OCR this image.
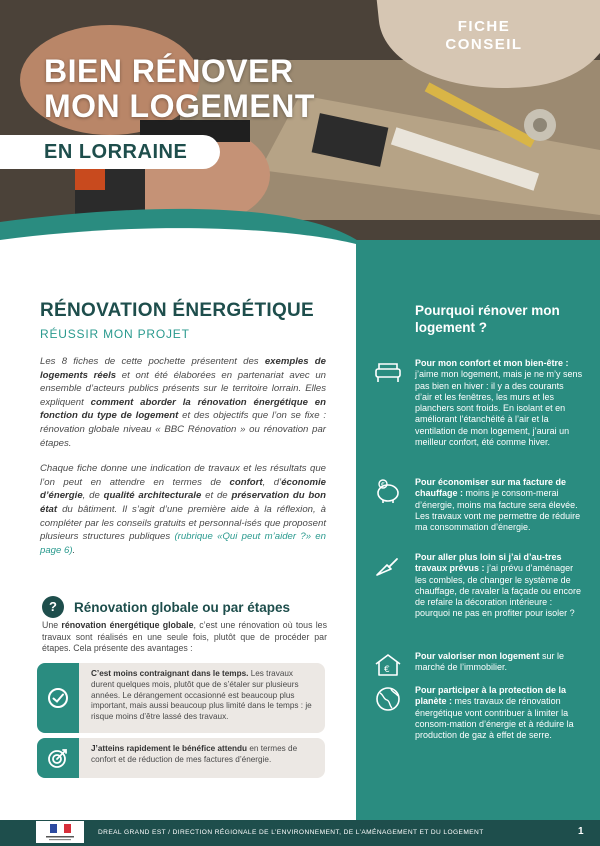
FICHE
CONSEIL
BIEN RÉNOVER
MON LOGEMENT
EN LORRAINE
RÉNOVATION ÉNERGÉTIQUE
RÉUSSIR MON PROJET

Les 8 fiches de cette pochette présentent des exemples de logements réels et ont été élaborées en partenariat avec un ensemble d’acteurs publics présents sur le territoire lorrain. Elles expliquent comment aborder la rénovation énergétique en fonction du type de logement et des objectifs que l’on se fixe : rénovation globale niveau « BBC Rénovation » ou rénovation par étapes.

Chaque fiche donne une indication de travaux et les résultats que l’on peut en attendre en termes de confort, d’économie d’énergie, de qualité architecturale et de préservation du bon état du bâtiment. Il s’agit d’une première aide à la réflexion, à compléter par les conseils gratuits et personnal-isés que proposent plusieurs structures publiques (rubrique «Qui peut m’aider ?» en page 6).

?	Rénovation globale ou par étapes

Une rénovation énergétique globale, c’est une rénovation où tous les travaux sont réalisés en une seule fois, plutôt que de procéder par étapes. Cela présente des avantages :

C’est moins contraignant dans le temps. Les travaux durent quelques mois, plutôt que de s’étaler sur plusieurs années. Le dérangement occasionné est beaucoup plus important, mais aussi beaucoup plus limité dans le temps : je risque moins d’être lassé des travaux.
J’atteins rapidement le bénéfice attendu en termes de confort et de réduction de mes factures d’énergie.
Pourquoi rénover mon logement ?
Pour mon confort et mon bien-être : j’aime mon logement, mais je ne m’y sens pas bien en hiver : il y a des courants d’air et les fenêtres, les murs et les planchers sont froids. En isolant et en améliorant l’étanchéité à l’air et la ventilation de mon logement, j’aurai un meilleur confort, été comme hiver.
€	Pour économiser sur ma facture de chauffage : moins je consom-merai d’énergie, moins ma facture sera élevée. Les travaux vont me permettre de réduire ma consommation d’énergie.
Pour aller plus loin si j’ai d’au-tres travaux prévus : j’ai prévu d’aménager les combles, de changer le système de chauffage, de ravaler la façade ou encore de refaire la décoration intérieure : pourquoi ne pas en profiter pour isoler ?
€
Pour valoriser mon logement sur le marché de l’immobilier.
Pour participer à la protection de la planète : mes travaux de rénovation énergétique vont contribuer à limiter la consom-mation d’énergie et à réduire la production de gaz à effet de serre.
DREAL GRAND EST / DIRECTION RÉGIONALE DE L’ENVIRONNEMENT, DE L’AMÉNAGEMENT ET DU LOGEMENT	1
